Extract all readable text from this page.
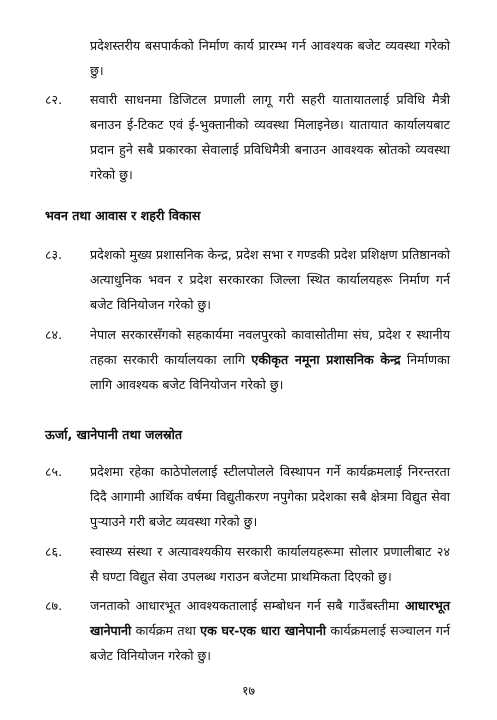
प्रदेशस्तरीय बसपार्कको निर्माण कार्य प्रारम्भ गर्न आवश्यक बजेट व्यवस्था गरेको छु।
८२.	सवारी साधनमा डिजिटल प्रणाली लागू गरी सहरी यातायातलाई प्रविधि मैत्री बनाउन ई-टिकट एवं ई-भुक्तानीको व्यवस्था मिलाइनेछ। यातायात कार्यालयबाट प्रदान हुने सबै प्रकारका सेवालाई प्रविधिमैत्री बनाउन आवश्यक स्रोतको व्यवस्था गरेको छु।
भवन तथा आवास र शहरी विकास
८३.	प्रदेशको मुख्य प्रशासनिक केन्द्र, प्रदेश सभा र गण्डकी प्रदेश प्रशिक्षण प्रतिष्ठानको अत्याधुनिक भवन र प्रदेश सरकारका जिल्ला स्थित कार्यालयहरू निर्माण गर्न बजेट विनियोजन गरेको छु।
८४.	नेपाल सरकारसँगको सहकार्यमा नवलपुरको कावासोतीमा संघ, प्रदेश र स्थानीय तहका सरकारी कार्यालयका लागि एकीकृत नमूना प्रशासनिक केन्द्र निर्माणका लागि आवश्यक बजेट विनियोजन गरेको छु।
ऊर्जा, खानेपानी तथा जलस्रोत
८५.	प्रदेशमा रहेका काठेपोललाई स्टीलपोलले विस्थापन गर्ने कार्यक्रमलाई निरन्तरता दिदै आगामी आर्थिक वर्षमा विद्युतीकरण नपुगेका प्रदेशका सबै क्षेत्रमा विद्युत सेवा पुर्‍याउने गरी बजेट व्यवस्था गरेको छु।
८६.	स्वास्थ्य संस्था र अत्यावश्यकीय सरकारी कार्यालयहरूमा सोलार प्रणालीबाट २४ सै घण्टा विद्युत सेवा उपलब्ध गराउन बजेटमा प्राथमिकता दिएको छु।
८७.	जनताको आधारभूत आवश्यकतालाई सम्बोधन गर्न सबै गाउँबस्तीमा आधारभूत खानेपानी कार्यक्रम तथा एक घर-एक धारा खानेपानी कार्यक्रमलाई सञ्चालन गर्न बजेट विनियोजन गरेको छु।
१७
